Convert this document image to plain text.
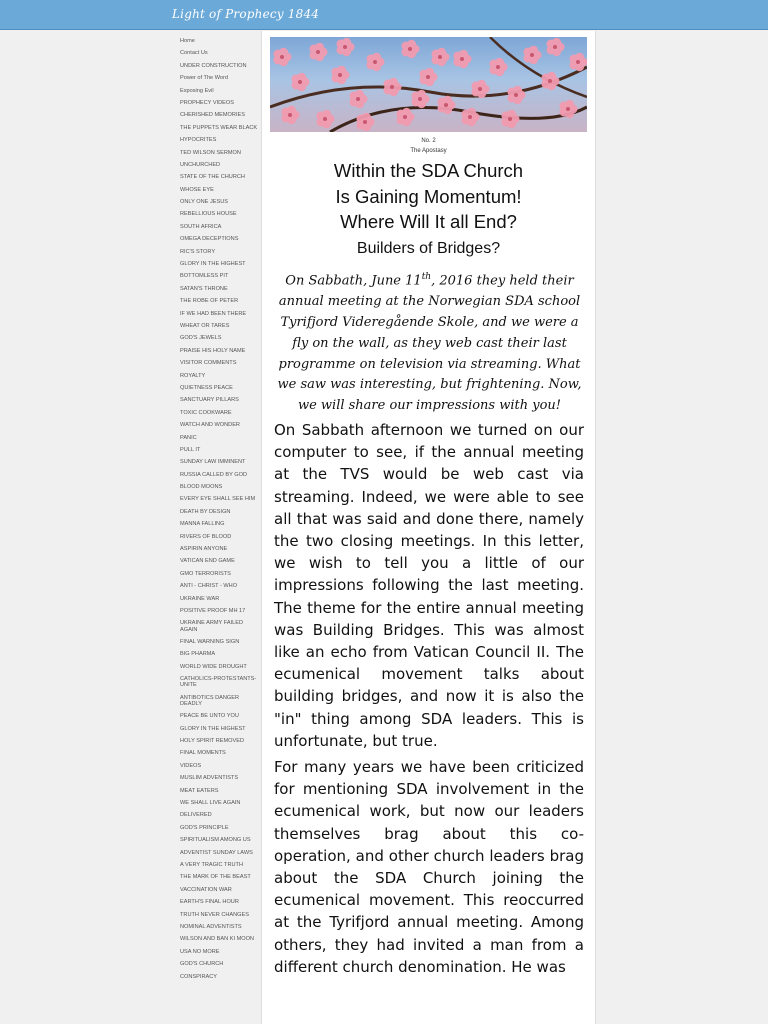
Light of Prophecy 1844
Home
Contact Us
UNDER CONSTRUCTION
Power of The Word
Exposing Evil
PROPHECY VIDEOS
CHERISHED MEMORIES
THE PUPPETS WEAR BLACK
HYPOCRITES
TED WILSON SERMON
UNCHURCHED
STATE OF THE CHURCH
WHOSE EYE
ONLY ONE JESUS
REBELLIOUS HOUSE
SOUTH AFRICA
OMEGA DECEPTIONS
RIC'S STORY
GLORY IN THE HIGHEST
BOTTOMLESS PIT
SATAN'S THRONE
THE ROBE OF PETER
IF WE HAD BEEN THERE
WHEAT OR TARES
GOD'S JEWELS
PRAISE HIS HOLY NAME
VISITOR COMMENTS
ROYALTY
QUIETNESS PEACE
SANCTUARY PILLARS
TOXIC COOKWARE
WATCH AND WONDER
PANIC
PULL IT
SUNDAY LAW IMMINENT
RUSSIA CALLED BY GOD
BLOOD MOONS
EVERY EYE SHALL SEE HIM
DEATH BY DESIGN
MANNA FALLING
RIVERS OF BLOOD
ASPIRIN ANYONE
VATICAN END GAME
GMO TERRORISTS
ANTI - CHRIST - WHO
UKRAINE WAR
POSITIVE PROOF MH 17
UKRAINE ARMY FAILED AGAIN
FINAL WARNING SIGN
BIG PHARMA
WORLD WIDE DROUGHT
CATHOLICS-PROTESTANTS-UNITE
ANTIBOTICS DANGER DEADLY
PEACE BE UNTO YOU
GLORY IN THE HIGHEST
HOLY SPIRIT REMOVED
FINAL MOMENTS
VIDEOS
MUSLIM ADVENTISTS
MEAT EATERS
WE SHALL LIVE AGAIN
DELIVERED
GOD'S PRINCIPLE
SPIRITUALISM AMONG US
ADVENTIST SUNDAY LAWS
A VERY TRAGIC TRUTH
THE MARK OF THE BEAST
VACCINATION WAR
EARTH'S FINAL HOUR
TRUTH NEVER CHANGES
NOMINAL ADVENTISTS
WILSON AND BAN KI MOON
USA NO MORE
GOD'S CHURCH
CONSPIRACY
No. 2
The Apostasy
Within the SDA Church
Is Gaining Momentum!
Where Will It all End?
Builders of Bridges?
On Sabbath, June 11th, 2016 they held their annual meeting at the Norwegian SDA school Tyrifjord Videregående Skole, and we were a fly on the wall, as they web cast their last programme on television via streaming. What we saw was interesting, but frightening. Now, we will share our impressions with you!

On Sabbath afternoon we turned on our computer to see, if the annual meeting at the TVS would be web cast via streaming. Indeed, we were able to see all that was said and done there, namely the two closing meetings. In this letter, we wish to tell you a little of our impressions following the last meeting. The theme for the entire annual meeting was Building Bridges. This was almost like an echo from Vatican Council II. The ecumenical movement talks about building bridges, and now it is also the "in" thing among SDA leaders. This is unfortunate, but true.

For many years we have been criticized for mentioning SDA involvement in the ecumenical work, but now our leaders themselves brag about this co-operation, and other church leaders brag about the SDA Church joining the ecumenical movement. This reoccurred at the Tyrifjord annual meeting. Among others, they had invited a man from a different church denomination. He was
